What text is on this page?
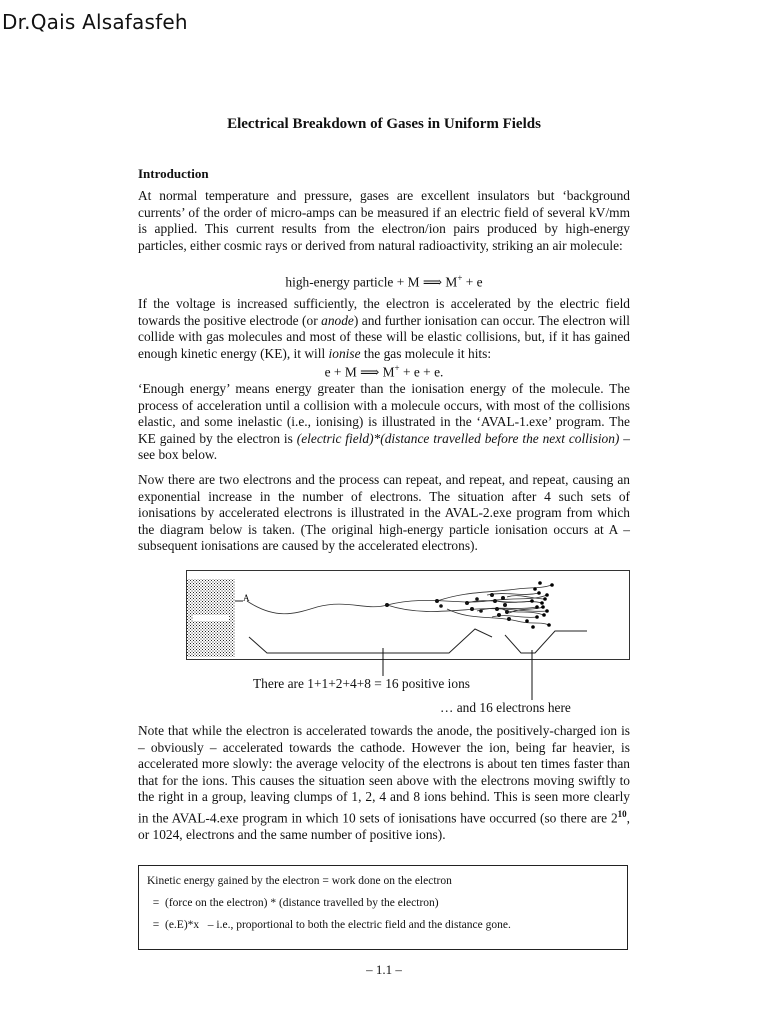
Dr.Qais Alsafasfeh
Electrical Breakdown of Gases in Uniform Fields
Introduction
At normal temperature and pressure, gases are excellent insulators but ‘background currents’ of the order of micro-amps can be measured if an electric field of several kV/mm is applied. This current results from the electron/ion pairs produced by high-energy particles, either cosmic rays or derived from natural radioactivity, striking an air molecule:
high-energy particle + M ⟹ M+ + e
If the voltage is increased sufficiently, the electron is accelerated by the electric field towards the positive electrode (or anode) and further ionisation can occur. The electron will collide with gas molecules and most of these will be elastic collisions, but, if it has gained enough kinetic energy (KE), it will ionise the gas molecule it hits:
e + M ⟹ M+ + e + e.
‘Enough energy’ means energy greater than the ionisation energy of the molecule. The process of acceleration until a collision with a molecule occurs, with most of the collisions elastic, and some inelastic (i.e., ionising) is illustrated in the ‘AVAL-1.exe’ program. The KE gained by the electron is (electric field)*(distance travelled before the next collision) – see box below.
Now there are two electrons and the process can repeat, and repeat, and repeat, causing an exponential increase in the number of electrons. The situation after 4 such sets of ionisations by accelerated electrons is illustrated in the AVAL-2.exe program from which the diagram below is taken. (The original high-energy particle ionisation occurs at A – subsequent ionisations are caused by the accelerated electrons).
A
There are 1+1+2+4+8 = 16 positive ions
… and 16 electrons here
Note that while the electron is accelerated towards the anode, the positively-charged ion is – obviously – accelerated towards the cathode. However the ion, being far heavier, is accelerated more slowly: the average velocity of the electrons is about ten times faster than that for the ions. This causes the situation seen above with the electrons moving swiftly to the right in a group, leaving clumps of 1, 2, 4 and 8 ions behind. This is seen more clearly in the AVAL-4.exe program in which 10 sets of ionisations have occurred (so there are $2^{10}$, or 1024, electrons and the same number of positive ions).
Kinetic energy gained by the electron = work done on the electron
=  (force on the electron) * (distance travelled by the electron)
=  (e.E)*x   – i.e., proportional to both the electric field and the distance gone.
– 1.1 –
